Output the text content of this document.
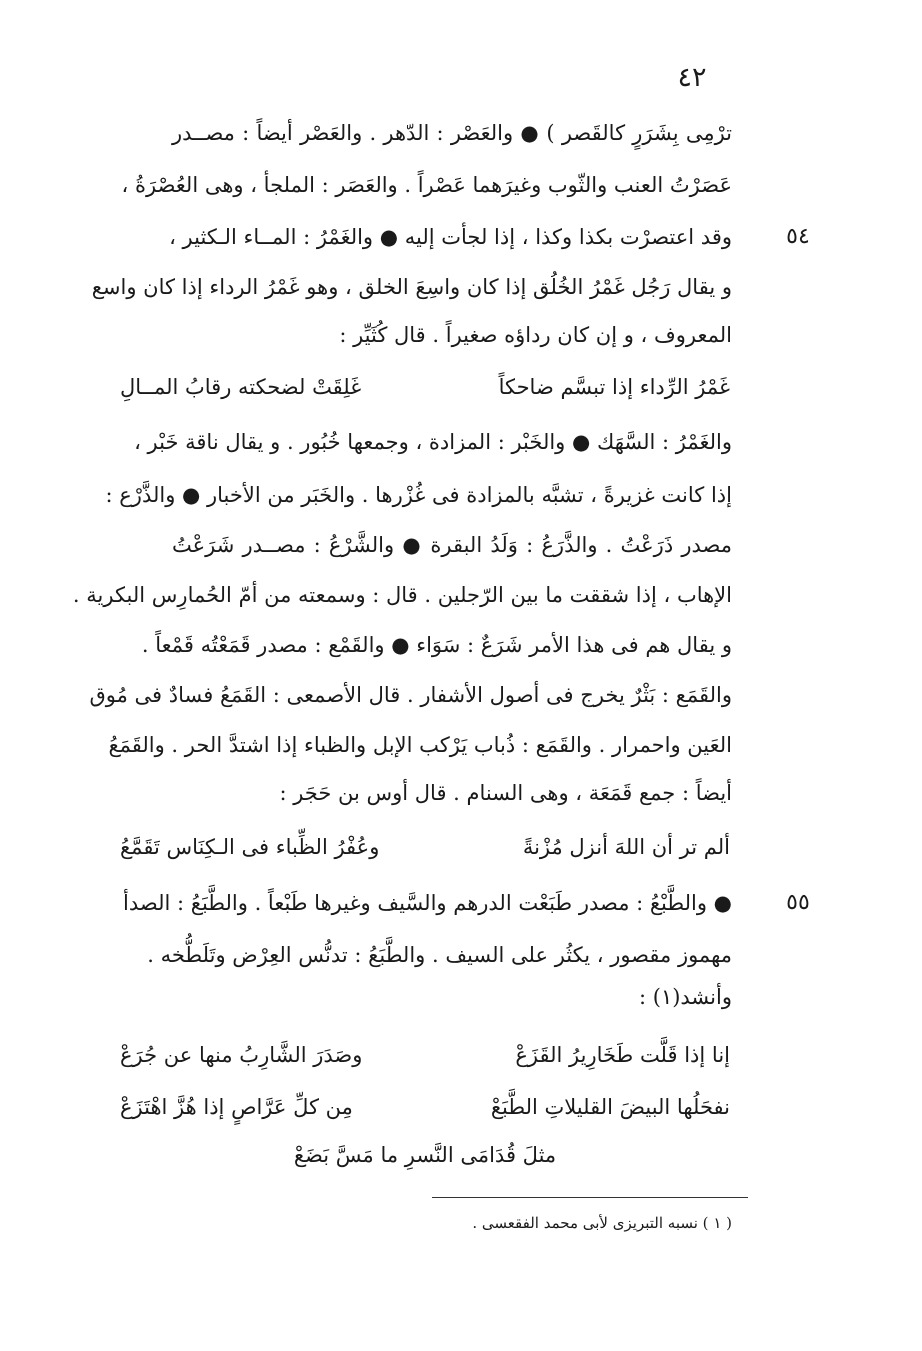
٤٢
ترْمِى بِشَرَرٍ كالقَصر ) ● والعَصْر : الدّهر . والعَصْر أيضاً : مصــدر
عَصَرْتُ العنب والثّوب وغيرَهما عَصْراً . والعَصَر : الملجأ ، وهى العُصْرَةُ ،
٥٤
وقد اعتصرْت بكذا وكذا ، إذا لجأت إليه ● والغَمْرُ : المــاء الـكثير ،
و يقال رَجُل غَمْرُ الخُلُق إذا كان واسِعَ الخلق ، وهو غَمْرُ الرداء إذا كان واسع
المعروف ، و إن كان رداؤه صغيراً . قال كُثَيِّر :
غَمْرُ الرِّداء إذا تبسَّم ضاحكاً
غَلِقَتْ لضحكته رقابُ المــالِ
والغَمْرُ : السَّهَك ● والخَبْر : المزادة ، وجمعها خُبُور . و يقال ناقة خَبْر ،
إذا كانت غزيرةً ، تشبَّه بالمزادة فى غُزْرها . والخَبَر من الأخبار ● والذَّرْع :
مصدر ذَرَعْتُ . والذَّرَعُ : وَلَدُ البقرة ● والشَّرْعُ : مصــدر شَرَعْتُ
الإهاب ، إذا شققت ما بين الرّجلين . قال : وسمعته من أمّ الحُمارِس البكرية .
و يقال هم فى هذا الأمر شَرَعٌ : سَوَاء ● والقَمْع : مصدر قَمَعْتُه قَمْعاً .
والقَمَع : بَثْرٌ يخرج فى أصول الأشفار . قال الأصمعى : القَمَعُ فسادٌ فى مُوق
العَين واحمرار . والقَمَع : ذُباب يَرْكب الإبل والظباء إذا اشتدَّ الحر . والقَمَعُ
أيضاً : جمع قَمَعَة ، وهى السنام . قال أوس بن حَجَر :
ألم تر أن اللهَ أنزل مُزْنةً
وعُفْرُ الظِّباء فى الـكِنَاس تَقَمَّعُ
٥٥
● والطَّبْعُ : مصدر طَبَعْت الدرهم والسَّيف وغيرها طَبْعاً . والطَّبَعُ : الصدأ
مهموز مقصور ، يكثُر على السيف . والطَّبَعُ : تدنُّس العِرْض وتَلَطُّخه .
وأنشد(١) :
إنا إذا قَلَّت طَخَارِيرُ القَزَعْ
وصَدَرَ الشَّارِبُ منها عن جُرَعْ
نفحَلُها البيضَ القليلاتِ الطَّبَعْ
مِن كلِّ عَرَّاصٍ إذا هُزَّ اهْتَزَعْ
مثلَ قُدَامَى النَّسرِ ما مَسَّ بَضَعْ
( ١ ) نسبه التبريزى لأبى محمد الفقعسى .
